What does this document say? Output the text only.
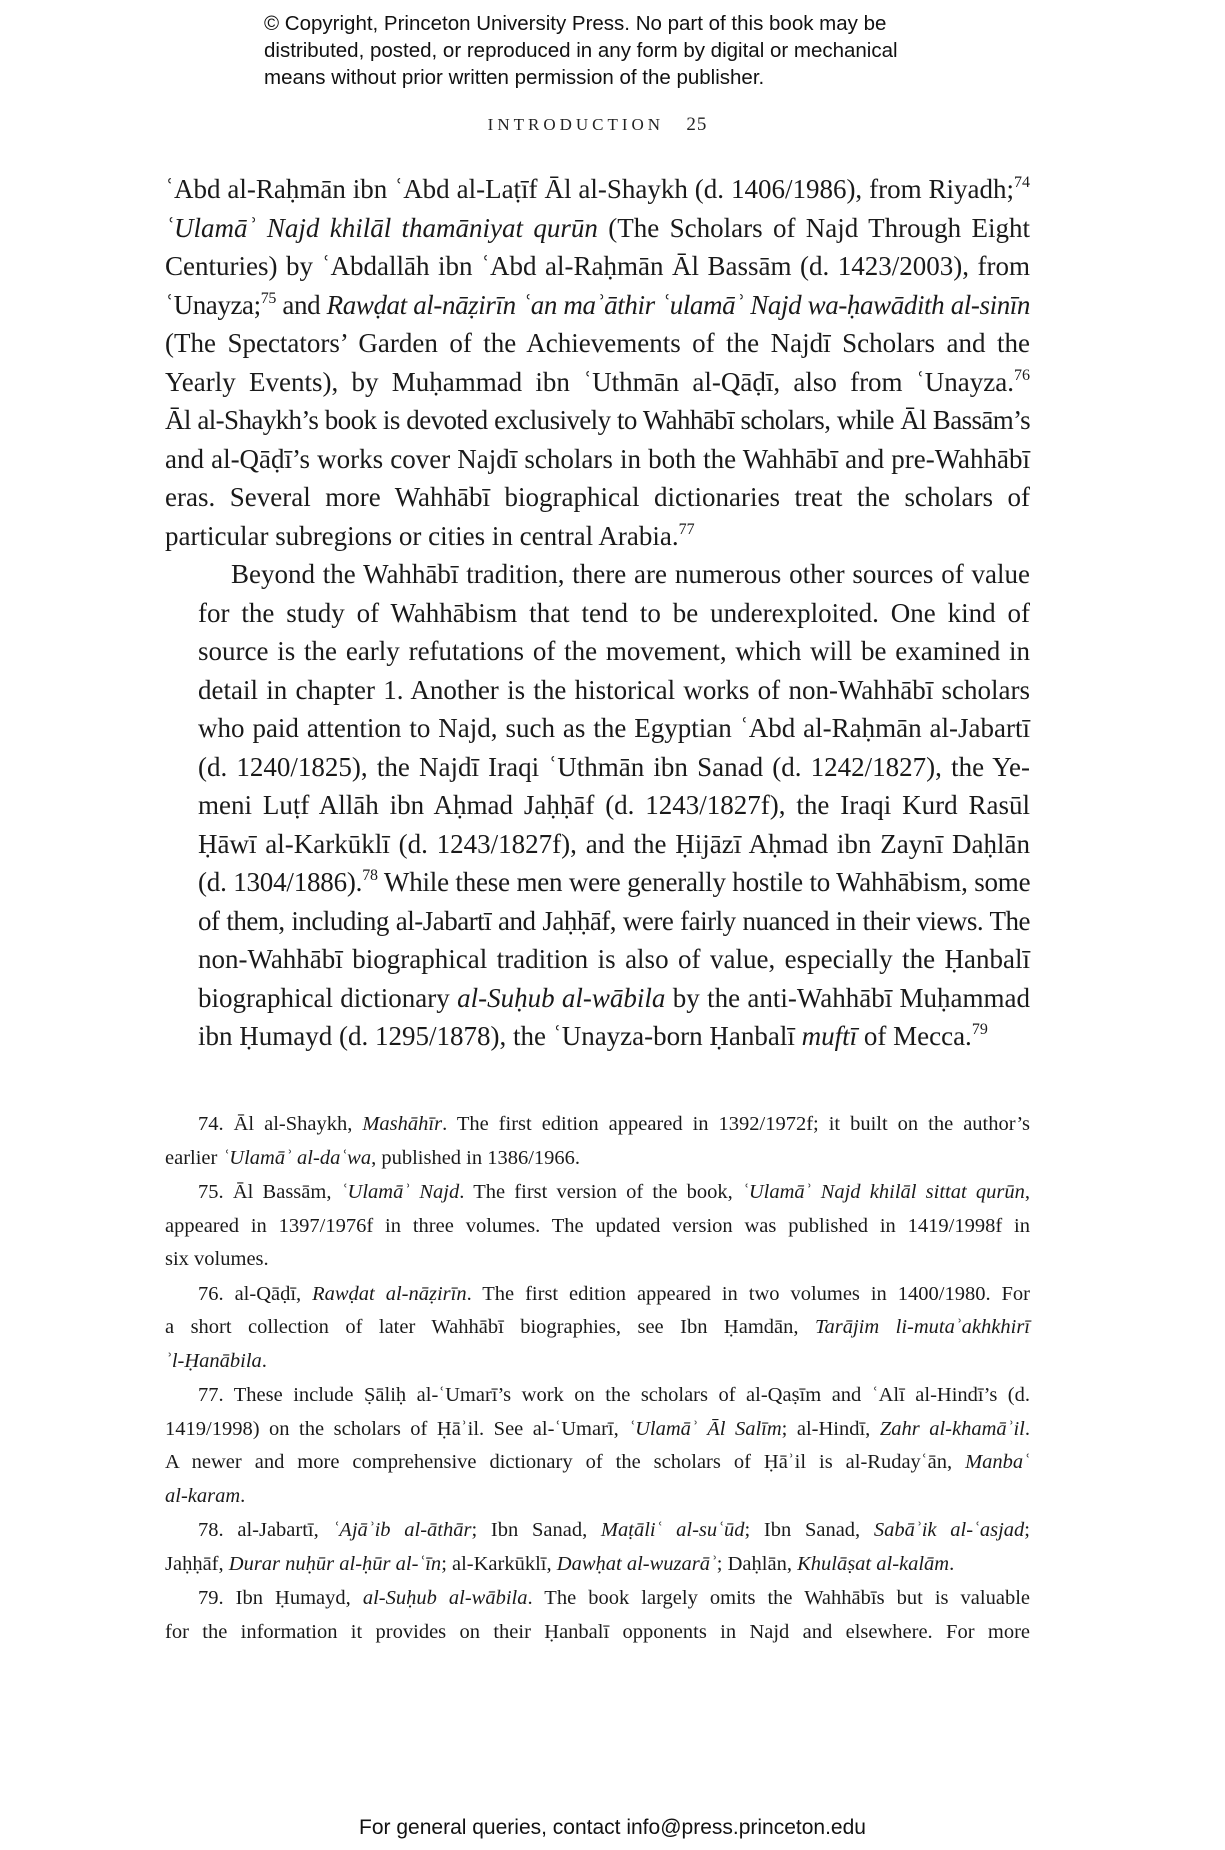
© Copyright, Princeton University Press. No part of this book may be
distributed, posted, or reproduced in any form by digital or mechanical
means without prior written permission of the publisher.
INTRODUCTION 25

ʿAbd al-Raḥmān ibn ʿAbd al-Laṭīf Āl al-Shaykh (d. 1406/1986), from Riyadh;$^{74}$
ʿUlamāʾ Najd khilāl thamāniyat qurūn (The Scholars of Najd Through Eight
Centuries) by ʿAbdallāh ibn ʿAbd al-Raḥmān Āl Bassām (d. 1423/2003), from
ʿUnayza;$^{75}$ and Rawḍat al-nāẓirīn ʿan maʾāthir ʿulamāʾ Najd wa-ḥawādith al-sinīn
(The Spectators’ Garden of the Achievements of the Najdī Scholars and the
Yearly Events), by Muḥammad ibn ʿUthmān al-Qāḍī, also from ʿUnayza.$^{76}$
Āl al-Shaykh’s book is devoted exclusively to Wahhābī scholars, while Āl Bassām’s
and al-Qāḍī’s works cover Najdī scholars in both the Wahhābī and pre-Wahhābī
eras. Several more Wahhābī biographical dictionaries treat the scholars of
particular subregions or cities in central Arabia.$^{77}$

Beyond the Wahhābī tradition, there are numerous other sources of value
for the study of Wahhābism that tend to be underexploited. One kind of
source is the early refutations of the movement, which will be examined in
detail in chapter 1. Another is the historical works of non-Wahhābī scholars
who paid attention to Najd, such as the Egyptian ʿAbd al-Raḥmān al-Jabartī
(d. 1240/1825), the Najdī Iraqi ʿUthmān ibn Sanad (d. 1242/1827), the Ye-
meni Luṭf Allāh ibn Aḥmad Jaḥḥāf (d. 1243/1827f), the Iraqi Kurd Rasūl
Ḥāwī al-Karkūklī (d. 1243/1827f), and the Ḥijāzī Aḥmad ibn Zaynī Daḥlān
(d. 1304/1886).$^{78}$ While these men were generally hostile to Wahhābism, some
of them, including al-Jabartī and Jaḥḥāf, were fairly nuanced in their views. The
non-Wahhābī biographical tradition is also of value, especially the Ḥanbalī
biographical dictionary al-Suḥub al-wābila by the anti-Wahhābī Muḥammad
ibn Ḥumayd (d. 1295/1878), the ʿUnayza-born Ḥanbalī muftī of Mecca.$^{79}$

74. Āl al-Shaykh, Mashāhīr. The first edition appeared in 1392/1972f; it built on the author’s
earlier ʿUlamāʾ al-daʿwa, published in 1386/1966.
75. Āl Bassām, ʿUlamāʾ Najd. The first version of the book, ʿUlamāʾ Najd khilāl sittat qurūn,
appeared in 1397/1976f in three volumes. The updated version was published in 1419/1998f in
six volumes.
76. al-Qāḍī, Rawḍat al-nāẓirīn. The first edition appeared in two volumes in 1400/1980. For
a short collection of later Wahhābī biographies, see Ibn Ḥamdān, Tarājim li-mutaʾakhkhirī
ʾl-Ḥanābila.
77. These include Ṣāliḥ al-ʿUmarī’s work on the scholars of al-Qaṣīm and ʿAlī al-Hindī’s (d.
1419/1998) on the scholars of Ḥāʾil. See al-ʿUmarī, ʿUlamāʾ Āl Salīm; al-Hindī, Zahr al-khamāʾil.
A newer and more comprehensive dictionary of the scholars of Ḥāʾil is al-Rudayʿān, Manbaʿ
al-karam.
78. al-Jabartī, ʿAjāʾib al-āthār; Ibn Sanad, Maṭāliʿ al-suʿūd; Ibn Sanad, Sabāʾik al-ʿasjad;
Jaḥḥāf, Durar nuḥūr al-ḥūr al-ʿīn; al-Karkūklī, Dawḥat al-wuzarāʾ; Daḥlān, Khulāṣat al-kalām.
79. Ibn Ḥumayd, al-Suḥub al-wābila. The book largely omits the Wahhābīs but is valuable
for the information it provides on their Ḥanbalī opponents in Najd and elsewhere. For more
For general queries, contact info@press.princeton.edu
